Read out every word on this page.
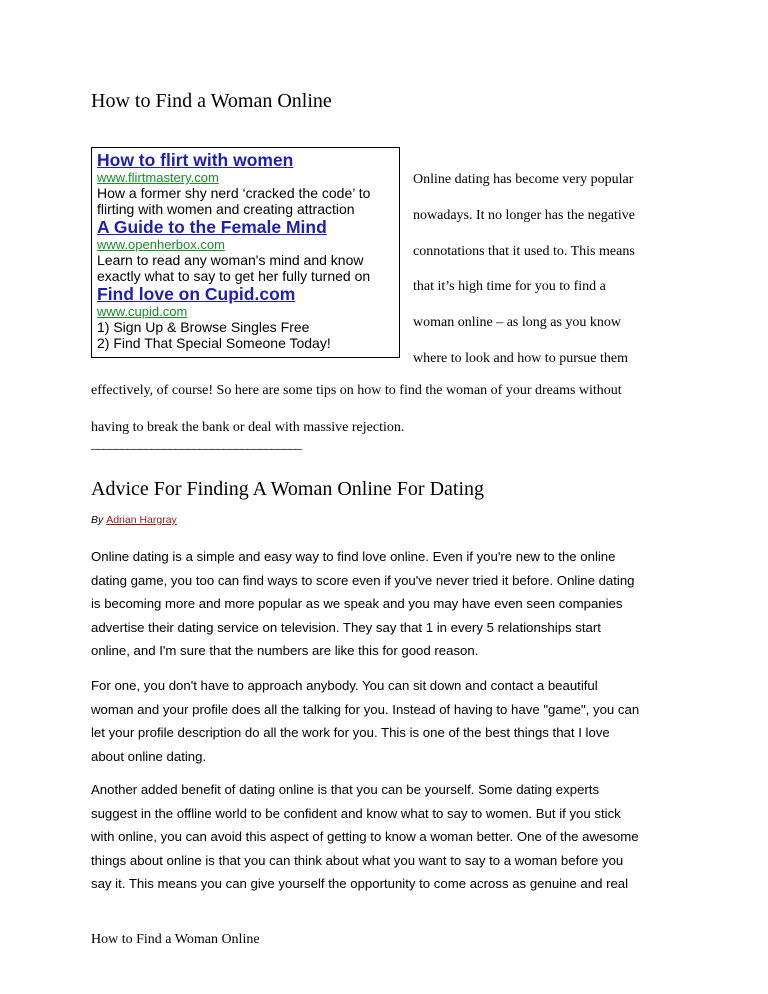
How to Find a Woman Online
How to flirt with women
www.flirtmastery.com
How a former shy nerd ‘cracked the code’ to
flirting with women and creating attraction
A Guide to the Female Mind
www.openherbox.com
Learn to read any woman's mind and know
exactly what to say to get her fully turned on
Find love on Cupid.com
www.cupid.com
1) Sign Up & Browse Singles Free
2) Find That Special Someone Today!
Online dating has become very popular
nowadays. It no longer has the negative
connotations that it used to. This means
that it’s high time for you to find a
woman online – as long as you know
where to look and how to pursue them
effectively, of course! So here are some tips on how to find the woman of your dreams without
having to break the bank or deal with massive rejection.
___________________________________
Advice For Finding A Woman Online For Dating
By Adrian Hargray
Online dating is a simple and easy way to find love online. Even if you're new to the online
dating game, you too can find ways to score even if you've never tried it before. Online dating
is becoming more and more popular as we speak and you may have even seen companies
advertise their dating service on television. They say that 1 in every 5 relationships start
online, and I'm sure that the numbers are like this for good reason.
For one, you don't have to approach anybody. You can sit down and contact a beautiful
woman and your profile does all the talking for you. Instead of having to have "game", you can
let your profile description do all the work for you. This is one of the best things that I love
about online dating.
Another added benefit of dating online is that you can be yourself. Some dating experts
suggest in the offline world to be confident and know what to say to women. But if you stick
with online, you can avoid this aspect of getting to know a woman better. One of the awesome
things about online is that you can think about what you want to say to a woman before you
say it. This means you can give yourself the opportunity to come across as genuine and real
How to Find a Woman Online
